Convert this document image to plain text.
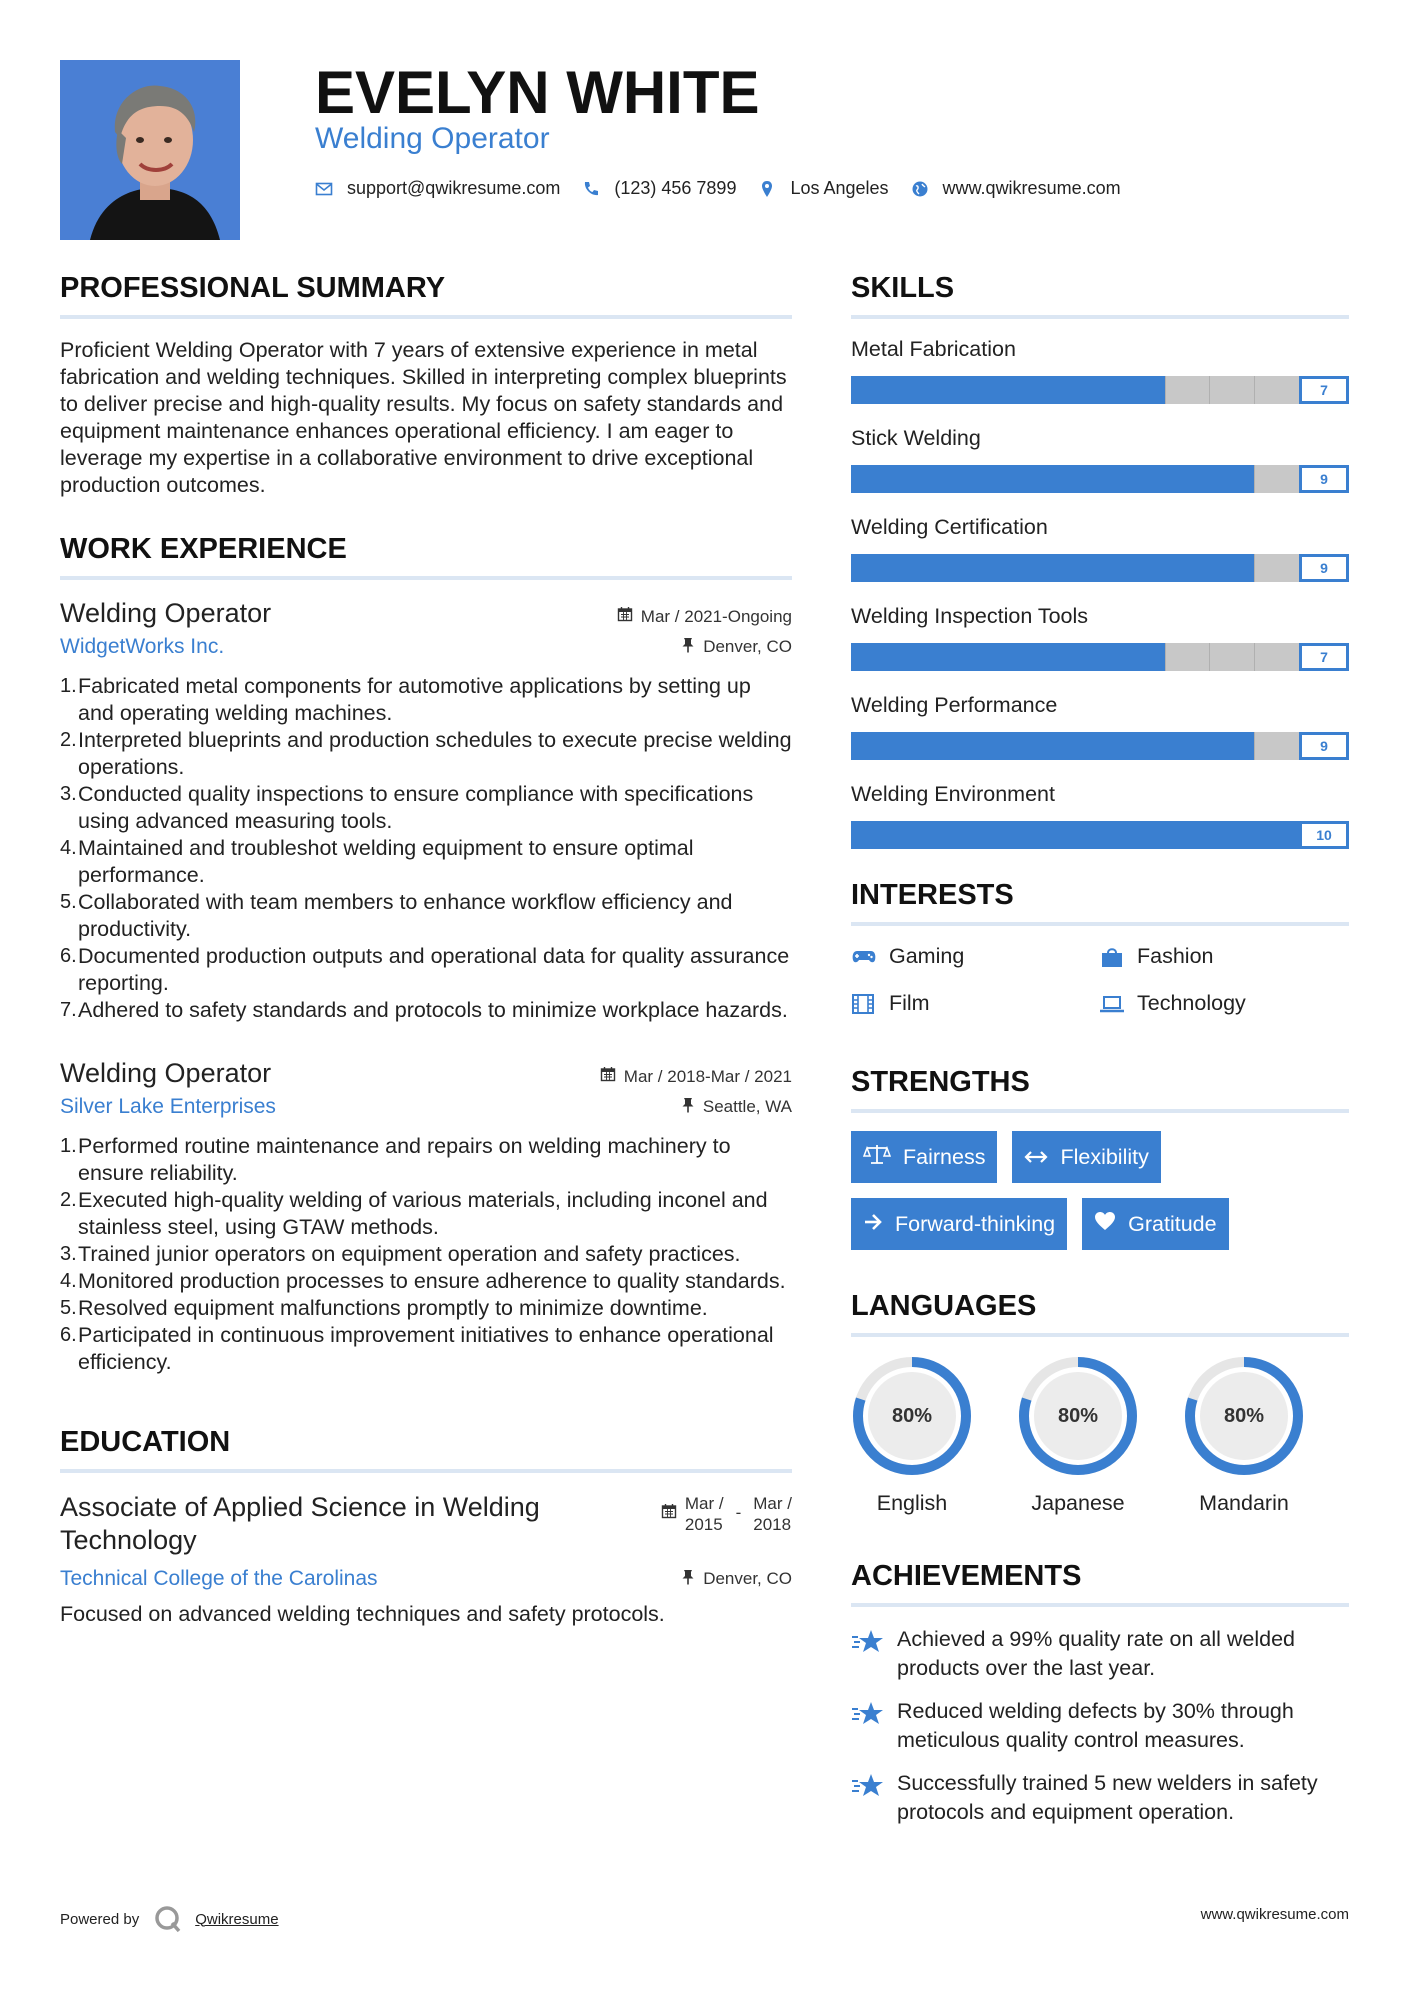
EVELYN WHITE
Welding Operator
support@qwikresume.com	(123) 456 7899	Los Angeles	www.qwikresume.com
PROFESSIONAL SUMMARY
Proficient Welding Operator with 7 years of extensive experience in metal fabrication and welding techniques. Skilled in interpreting complex blueprints to deliver precise and high-quality results. My focus on safety standards and equipment maintenance enhances operational efficiency. I am eager to leverage my expertise in a collaborative environment to drive exceptional production outcomes.
WORK EXPERIENCE
Welding Operator	Mar / 2021-Ongoing
WidgetWorks Inc.	Denver, CO
1. Fabricated metal components for automotive applications by setting up and operating welding machines.
2. Interpreted blueprints and production schedules to execute precise welding operations.
3. Conducted quality inspections to ensure compliance with specifications using advanced measuring tools.
4. Maintained and troubleshot welding equipment to ensure optimal performance.
5. Collaborated with team members to enhance workflow efficiency and productivity.
6. Documented production outputs and operational data for quality assurance reporting.
7. Adhered to safety standards and protocols to minimize workplace hazards.
Welding Operator	Mar / 2018-Mar / 2021
Silver Lake Enterprises	Seattle, WA
1. Performed routine maintenance and repairs on welding machinery to ensure reliability.
2. Executed high-quality welding of various materials, including inconel and stainless steel, using GTAW methods.
3. Trained junior operators on equipment operation and safety practices.
4. Monitored production processes to ensure adherence to quality standards.
5. Resolved equipment malfunctions promptly to minimize downtime.
6. Participated in continuous improvement initiatives to enhance operational efficiency.
EDUCATION
Associate of Applied Science in Welding Technology
Mar /
2015
- Mar /
2018
Technical College of the Carolinas	Denver, CO
Focused on advanced welding techniques and safety protocols.
SKILLS
Metal Fabrication
7
Stick Welding
9
Welding Certification
9
Welding Inspection Tools
7
Welding Performance
9
Welding Environment
10
INTERESTS
Gaming	Fashion
Film	Technology
STRENGTHS
Fairness	Flexibility
Forward-thinking	Gratitude
LANGUAGES
80%
English
80%
Japanese
80%
Mandarin
ACHIEVEMENTS
Achieved a 99% quality rate on all welded products over the last year.
Reduced welding defects by 30% through meticulous quality control measures.
Successfully trained 5 new welders in safety protocols and equipment operation.
Powered by	Qwikresume	www.qwikresume.com
